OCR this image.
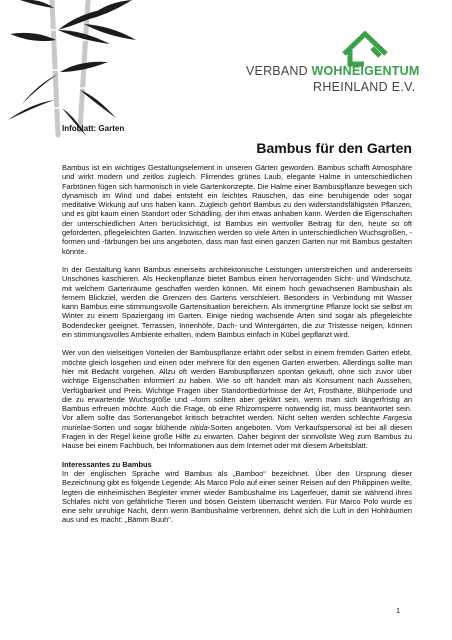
VERBAND WOHNEIGENTUM
RHEINLAND E.V.
Infoblatt: Garten
Bambus für den Garten

Bambus ist ein wichtiges Gestaltungselement in unseren Gärten geworden. Bambus schafft Atmosphäre und wirkt modern und zeitlos zugleich. Flirrendes grünes Laub, elegante Halme in unterschiedlichen Farbtönen fügen sich harmonisch in viele Gartenkonzepte. Die Halme einer Bambuspflanze bewegen sich dynamisch im Wind und dabei entsteht ein leichtes Rauschen, das eine beruhigende oder sogar meditative Wirkung auf uns haben kann. Zugleich gehört Bambus zu den widerstandsfähigsten Pflanzen, und es gibt kaum einen Standort oder Schädling, der ihm etwas anhaben kann. Werden die Eigenschaften der unterschiedlichen Arten berücksichtigt, ist Bambus ein wertvoller Beitrag für den, heute so oft geforderten, pflegeleichten Garten. Inzwischen werden so viele Arten in unterschiedlichen Wuchsgrößen, -formen und -färbungen bei uns angeboten, dass man fast einen ganzen Garten nur mit Bambus gestalten könnte.

In der Gestaltung kann Bambus einerseits architektonische Leistungen unterstreichen und andererseits Unschönes kaschieren. Als Heckenpflanze bietet Bambus einen hervorragenden Sicht- und Windschutz, mit welchem Gartenräume geschaffen werden können. Mit einem hoch gewachsenen Bambushain als fernem Blickziel, werden die Grenzen des Gartens verschleiert. Besonders in Verbindung mit Wasser kann Bambus eine stimmungsvolle Gartensituation bereichern. Als immergrüne Pflanze lockt sie selbst im Winter zu einem Spaziergang im Garten. Einige niedrig wachsende Arten sind sogar als pflegeleichte Bodendecker geeignet. Terrassen, Innenhöfe, Dach- und Wintergärten, die zur Tristesse neigen, können ein stimmungsvolles Ambiente erhalten, indem Bambus einfach in Kübel gepflanzt wird.

Wer von den vielseitigen Vorteilen der Bambuspflanze erfährt oder selbst in einem fremden Garten erlebt, möchte gleich losgehen und einen oder mehrere für den eigenen Garten erwerben. Allerdings sollte man hier mit Bedacht vorgehen. Allzu oft werden Bambuspflanzen spontan gekauft, ohne sich zuvor über wichtige Eigenschaften informiert zu haben. Wie so oft handelt man als Konsument nach Aussehen, Verfügbarkeit und Preis. Wichtige Fragen über Standortbedürfnisse der Art, Frosthärte, Blühperiode und die zu erwartende Wuchsgröße und –form sollten aber geklärt sein, wenn man sich längerfristig an Bambus erfreuen möchte. Auch die Frage, ob eine Rhizomsperre notwendig ist, muss beantwortet sein. Vor allem sollte das Sortenangebot kritisch betrachtet werden. Nicht selten werden schlechte Fargesia murielae-Sorten und sogar blühende nitida-Sorten angeboten. Vom Verkaufspersonal ist bei all diesen Fragen in der Regel keine große Hilfe zu erwarten. Daher beginnt der sinnvollste Weg zum Bambus zu Hause bei einem Fachbuch, bei Informationen aus dem Internet oder mit diesem Arbeitsblatt.

Interessantes zu Bambus

In der englischen Sprache wird Bambus als „Bamboo“ bezeichnet. Über den Ursprung dieser Bezeichnung gibt es folgende Legende: Als Marco Polo auf einer seiner Reisen auf den Philippinen weilte, legten die einheimischen Begleiter immer wieder Bambushalme ins Lagerfeuer, damit sie während ihres Schlafes nicht von gefährliche Tieren und bösen Geistern überrascht werden. Für Marco Polo wurde es eine sehr unruhige Nacht, denn wenn Bambushalme verbrennen, dehnt sich die Luft in den Hohlräumen aus und es macht: „Bämm Buuh“.

1
